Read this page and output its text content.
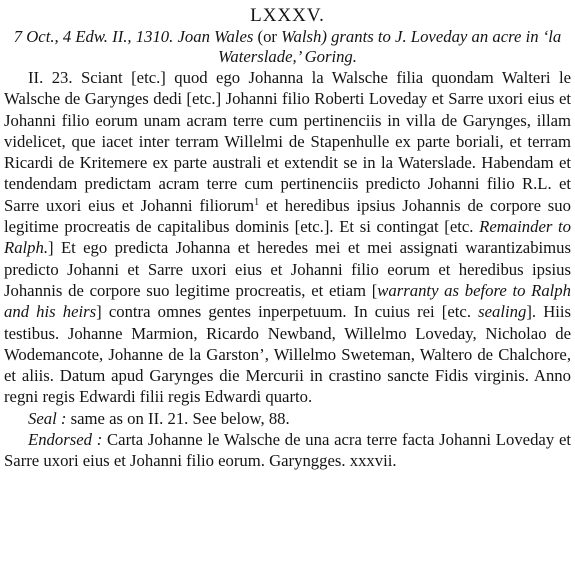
LXXXV.

7 Oct., 4 Edw. II., 1310. Joan Wales (or Walsh) grants to J. Loveday an acre in ‘la Waterslade,’ Goring.

II. 23. Sciant [etc.] quod ego Johanna la Walsche filia quondam Walteri le Walsche de Garynges dedi [etc.] Johanni filio Roberti Loveday et Sarre uxori eius et Johanni filio eorum unam acram terre cum pertinenciis in villa de Garynges, illam videlicet, que iacet inter terram Willelmi de Stapenhulle ex parte boriali, et terram Ricardi de Kritemere ex parte australi et extendit se in la Waterslade. Habendam et tendendam predictam acram terre cum pertinenciis predicto Johanni filio R.L. et Sarre uxori eius et Johanni filiorum$^1$ et heredibus ipsius Johannis de corpore suo legitime procreatis de capitalibus dominis [etc.]. Et si contingat [etc. Remainder to Ralph.] Et ego predicta Johanna et heredes mei et mei assignati warantizabimus predicto Johanni et Sarre uxori eius et Johanni filio eorum et heredibus ipsius Johannis de corpore suo legitime procreatis, et etiam [warranty as before to Ralph and his heirs] contra omnes gentes inperpetuum. In cuius rei [etc. sealing]. Hiis testibus. Johanne Marmion, Ricardo Newband, Willelmo Loveday, Nicholao de Wodemancote, Johanne de la Garston’, Willelmo Sweteman, Waltero de Chalchore, et aliis. Datum apud Garynges die Mercurii in crastino sancte Fidis virginis. Anno regni regis Edwardi filii regis Edwardi quarto.

Seal : same as on II. 21. See below, 88.

Endorsed : Carta Johanne le Walsche de una acra terre facta Johanni Loveday et Sarre uxori eius et Johanni filio eorum. Garyngges. xxxvii.
